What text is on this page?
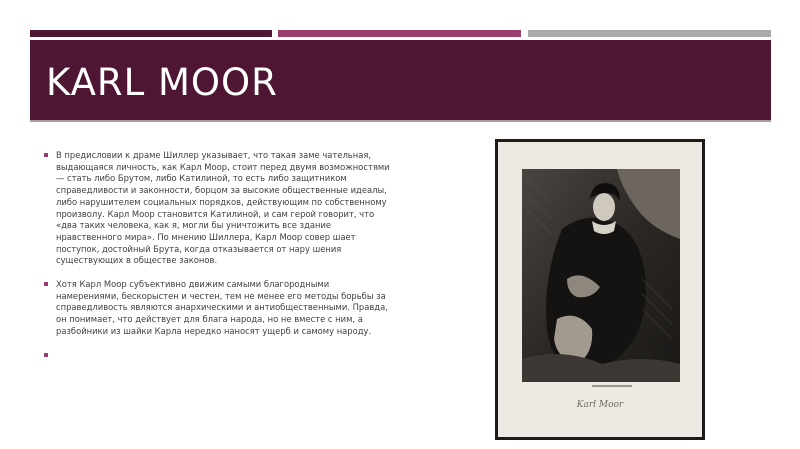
KARL MOOR

В предисловии к драме Шиллер указывает, что такая заме чательная, выдающаяся личность, как Карл Моор, стоит перед двумя возможностями — стать либо Брутом, либо Катилиной, то есть либо защитником справедливости и законности, борцом за высокие общественные идеалы, либо нарушителем социальных порядков, действующим по собственному произволу. Карл Моор становится Катилиной, и сам герой говорит, что «два таких человека, как я, могли бы уничтожить все здание нравственного мира». По мнению Шиллера, Карл Моор совер шает поступок, достойный Брута, когда отказывается от нару шения существующих в обществе законов.

Хотя Карл Моор субъективно движим самыми благородными намерениями, бескорыстен и честен, тем не менее его методы борьбы за справедливость являются анархическими и антиобщественными. Правда, он понимает, что действует для блага народа, но не вместе с ним, а разбойники из шайки Карла нередко наносят ущерб и самому народу.

Karl Moor
